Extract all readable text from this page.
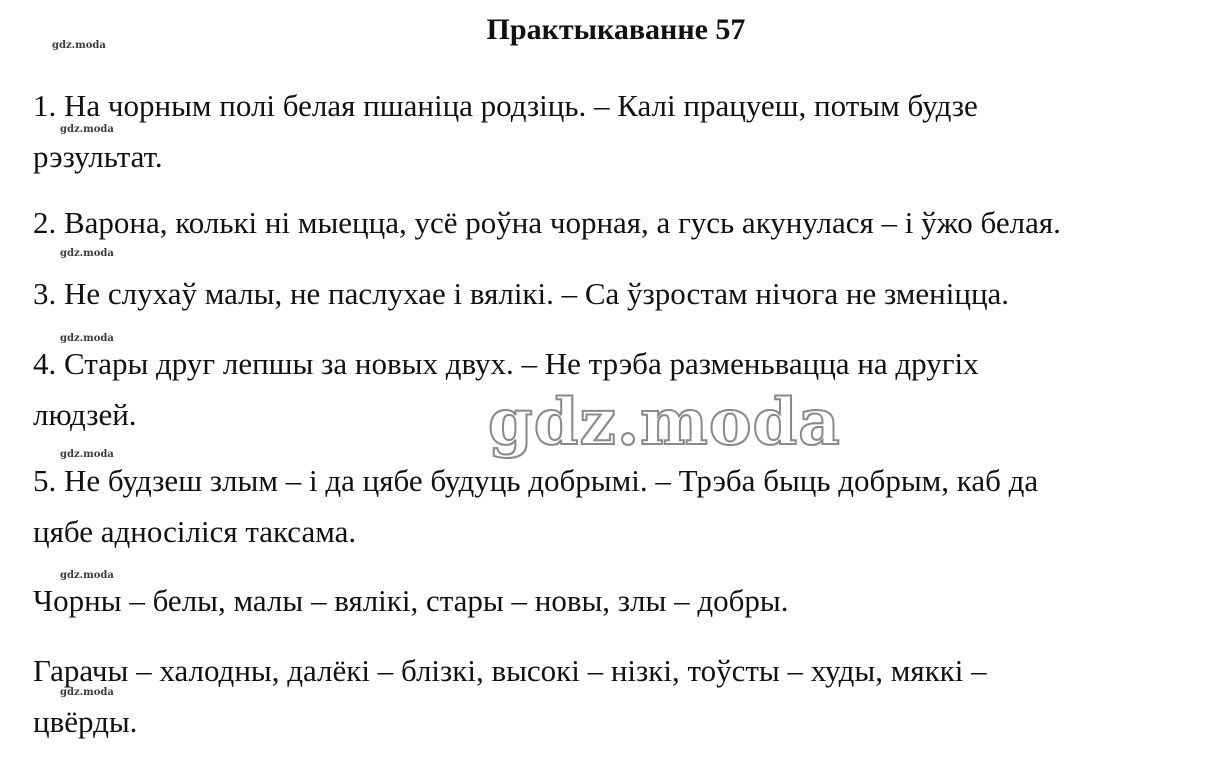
Практыкаванне 57
1. На чорным полі белая пшаніца родзіць. – Калі працуеш, потым будзе
рэзультат.
2. Варона, колькі ні мыецца, усё роўна чорная, а гусь акунулася – і ўжо белая.
3. Не слухаў малы, не паслухае і вялікі. – Са ўзростам нічога не зменіцца.
4. Стары друг лепшы за новых двух. – Не трэба разменьвацца на другіх
людзей.
5. Не будзеш злым – і да цябе будуць добрымі. – Трэба быць добрым, каб да
цябе адносіліся таксама.
Чорны – белы, малы – вялікі, стары – новы, злы – добры.
Гарачы – халодны, далёкі – блізкі, высокі – нізкі, тоўсты – худы, мяккі –
цвёрды.
gdz.moda
gdz.moda
gdz.moda
gdz.moda
gdz.moda
gdz.moda
gdz.moda
gdz.moda
